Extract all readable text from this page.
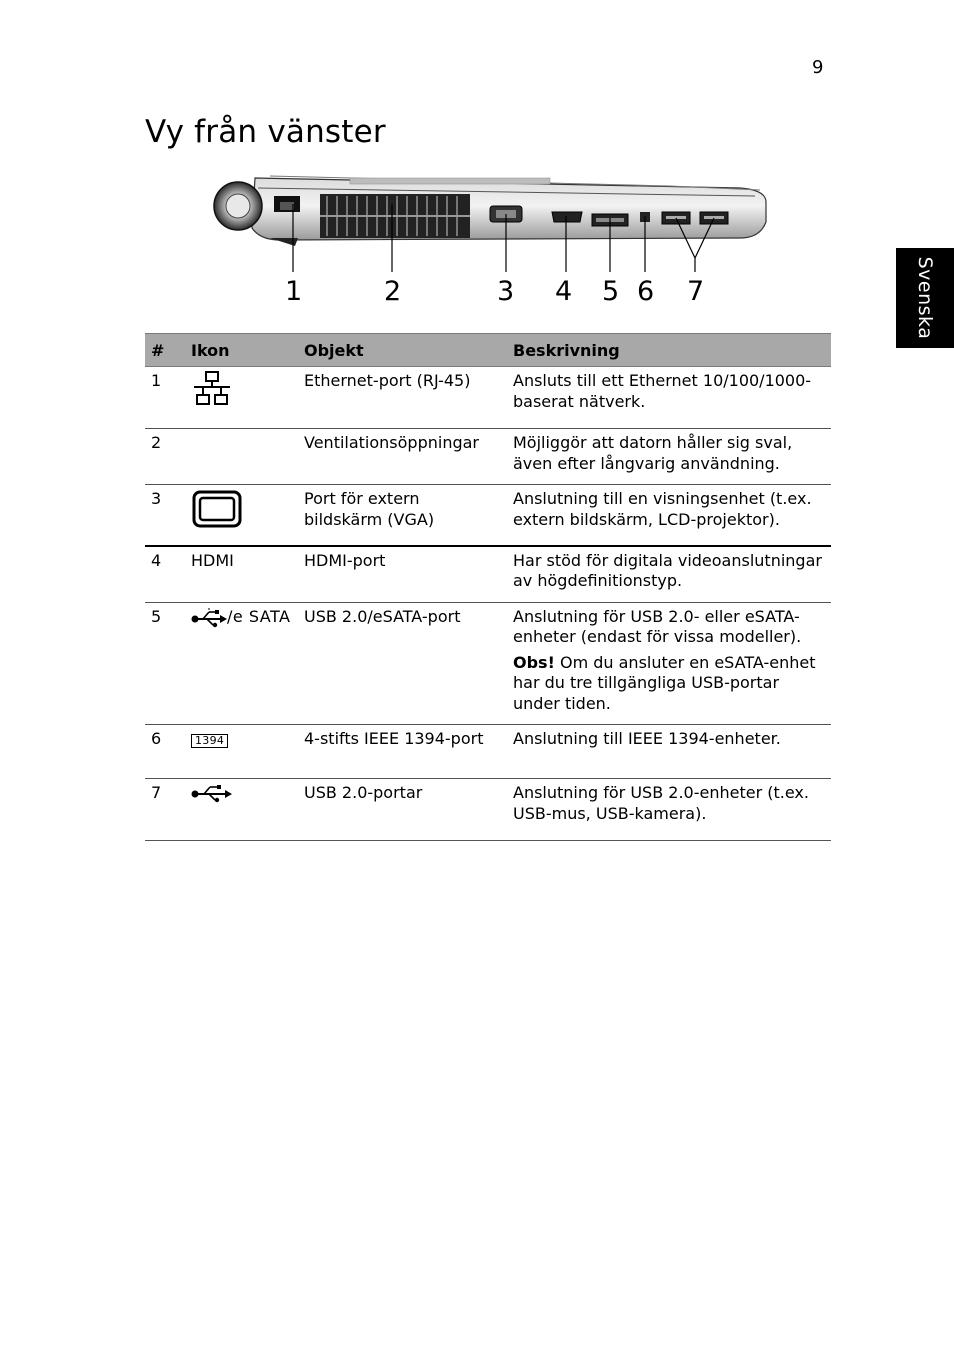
9
Vy från vänster
Svenska
1	2	3 4 5 6 7
#	Ikon	Objekt	Beskrivning
1		Ethernet-port (RJ-45)	Ansluts till ett Ethernet 10/100/1000-baserat nätverk.

2		Ventilationsöppningar	Möjliggör att datorn håller sig sval, även efter långvarig användning.

3		Port för extern bildskärm (VGA)	Anslutning till en visningsenhet (t.ex. extern bildskärm, LCD-projektor).

4	HDMI	HDMI-port	Har stöd för digitala videoanslutningar av högdefinitionstyp.

5	/e SATA	USB 2.0/eSATA-port	Anslutning för USB 2.0- eller eSATA-enheter (endast för vissa modeller).

Obs! Om du ansluter en eSATA-enhet har du tre tillgängliga USB-portar under tiden.

6	1394	4-stifts IEEE 1394-port	Anslutning till IEEE 1394-enheter.

7		USB 2.0-portar	Anslutning för USB 2.0-enheter (t.ex. USB-mus, USB-kamera).
